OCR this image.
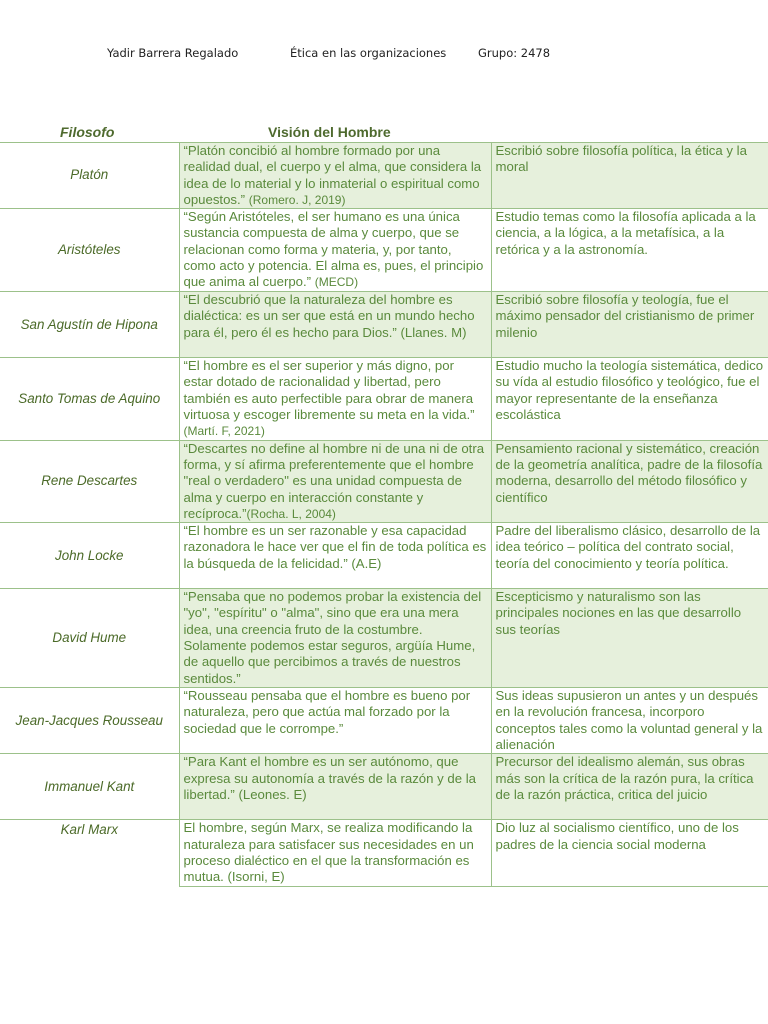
Yadir Barrera Regalado	Ética en las organizaciones	Grupo: 2478
Filosofo	Visión del Hombre
Platón	“Platón concibió al hombre formado por una realidad dual, el cuerpo y el alma, que considera la idea de lo material y lo inmaterial o espiritual como opuestos.” (Romero. J, 2019)	Escribió sobre filosofía política, la ética y la moral
Aristóteles	“Según Aristóteles, el ser humano es una única sustancia compuesta de alma y cuerpo, que se relacionan como forma y materia, y, por tanto, como acto y potencia. El alma es, pues, el principio que anima al cuerpo.” (MECD)	Estudio temas como la filosofía aplicada a la ciencia, a la lógica, a la metafísica, a la retórica y a la astronomía.
San Agustín de Hipona	“El descubrió que la naturaleza del hombre es dialéctica: es un ser que está en un mundo hecho para él, pero él es hecho para Dios.” (Llanes. M)	Escribió sobre filosofía y teología, fue el máximo pensador del cristianismo de primer milenio
Santo Tomas de Aquino	“El hombre es el ser superior y más digno, por estar dotado de racionalidad y libertad, pero también es auto perfectible para obrar de manera virtuosa y escoger libremente su meta en la vida.” (Martí. F, 2021)	Estudio mucho la teología sistemática, dedico su vída al estudio filosófico y teológico, fue el mayor representante de la enseñanza escolástica
Rene Descartes	“Descartes no define al hombre ni de una ni de otra forma, y sí afirma preferentemente que el hombre "real o verdadero" es una unidad compuesta de alma y cuerpo en interacción constante y recíproca.”(Rocha. L, 2004)	Pensamiento racional y sistemático, creación de la geometría analítica, padre de la filosofía moderna, desarrollo del método filosófico y científico
John Locke	“El hombre es un ser razonable y esa capacidad razonadora le hace ver que el fin de toda política es la búsqueda de la felicidad.” (A.E)	Padre del liberalismo clásico, desarrollo de la idea teórico – política del contrato social, teoría del conocimiento y teoría política.
David Hume	“Pensaba que no podemos probar la existencia del "yo", "espíritu" o "alma", sino que era una mera idea, una creencia fruto de la costumbre. Solamente podemos estar seguros, argüía Hume, de aquello que percibimos a través de nuestros sentidos.”	Escepticismo y naturalismo son las principales nociones en las que desarrollo sus teorías
Jean-Jacques Rousseau	“Rousseau pensaba que el hombre es bueno por naturaleza, pero que actúa mal forzado por la sociedad que le corrompe.”	Sus ideas supusieron un antes y un después en la revolución francesa, incorporo conceptos tales como la voluntad general y la alienación
Immanuel Kant	“Para Kant el hombre es un ser autónomo, que expresa su autonomía a través de la razón y de la libertad.” (Leones. E)	Precursor del idealismo alemán, sus obras más son la crítica de la razón pura, la crítica de la razón práctica, critica del juicio
Karl Marx	El hombre, según Marx, se realiza modificando la naturaleza para satisfacer sus necesidades en un proceso dialéctico en el que la transformación es mutua. (Isorni, E)	Dio luz al socialismo científico, uno de los padres de la ciencia social moderna
